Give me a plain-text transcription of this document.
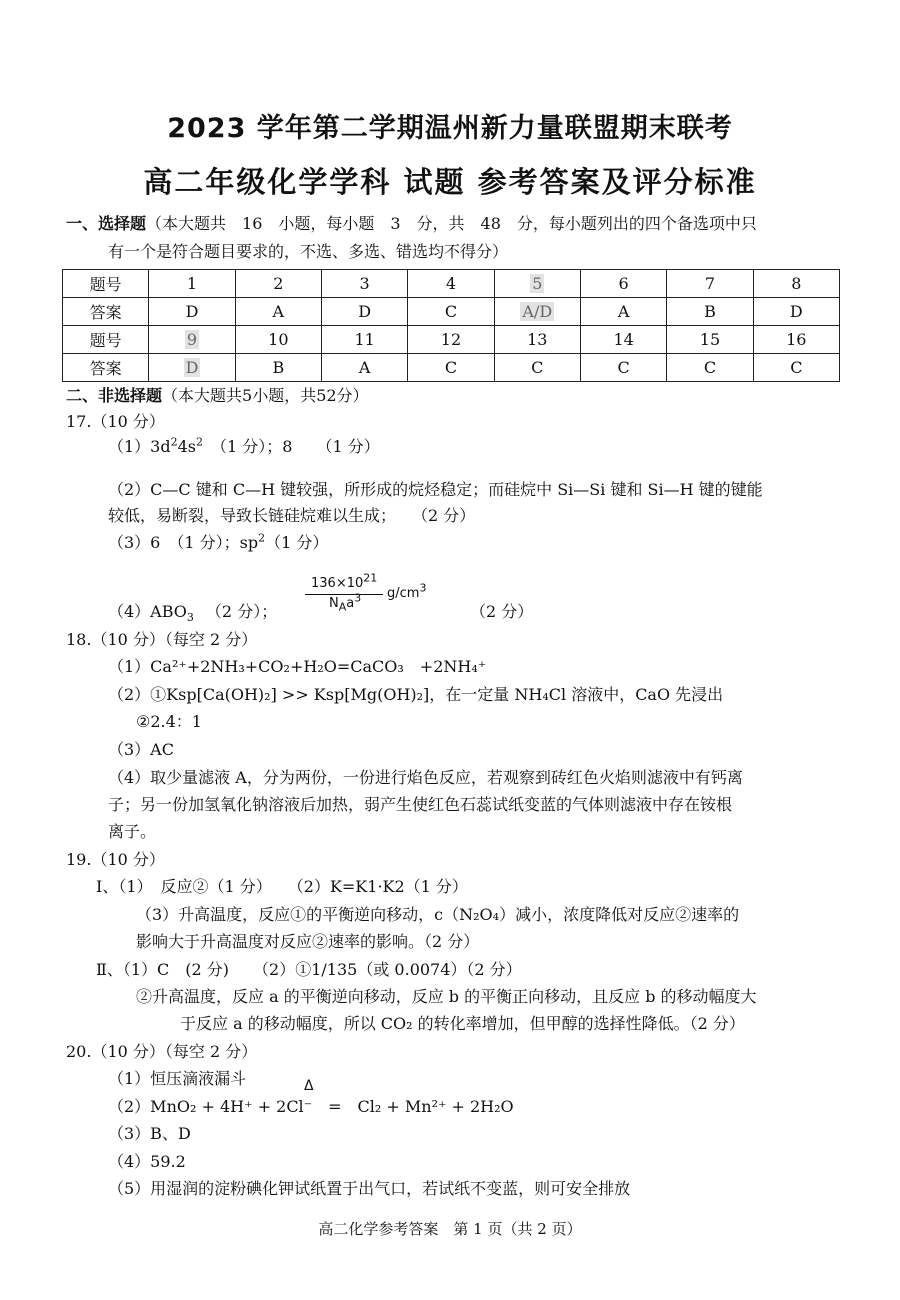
2023 学年第二学期温州新力量联盟期末联考
高二年级化学学科 试题 参考答案及评分标准
一、选择题（本大题共　16　小题，每小题　3　分，共　48　分，每小题列出的四个备选项中只
有一个是符合题目要求的，不选、多选、错选均不得分）
题号	1	2	3	4	5	6	7	8
答案	D	A	D	C	A/D	A	B	D
题号	9	10	11	12	13	14	15	16
答案	D	B	A	C	C	C	C	C
二、非选择题（本大题共5小题，共52分）
17.（10 分）
$(1)3d^24s^2$　（1 分）；8　　（1 分）
（2）C—C 键和 C—H 键较强，所形成的烷烃稳定；而硅烷中 Si—Si 键和 Si—H 键的键能
较低，易断裂，导致长链硅烷难以生成；　　（2 分）
（3）6　（1 分）；$sp^2(1$ 分）
$(4)ABO_3$ （2 分）；
$136\times 10^{21}$
$N_Aa^3$ $g/cm^3$
（2 分）
18.（10 分）（每空 2 分）
（1）Ca²⁺+2NH₃+CO₂+H₂O=CaCO₃　+2NH₄⁺
（2）①Ksp[Ca(OH)₂] >> Ksp[Mg(OH)₂]，在一定量 NH₄Cl 溶液中，CaO 先浸出
②2.4：1
（3）AC
（4）取少量滤液 A，分为两份，一份进行焰色反应，若观察到砖红色火焰则滤液中有钙离
子；另一份加氢氧化钠溶液后加热，弱产生使红色石蕊试纸变蓝的气体则滤液中存在铵根
离子。
19.（10 分）
Ⅰ、（1）　反应②（1 分）　　（2）K=K1·K2（1 分）
（3）升高温度，反应①的平衡逆向移动，c（N₂O₄）减小，浓度降低对反应②速率的
影响大于升高温度对反应②速率的影响。（2 分）
Ⅱ、（1）C　(2 分)　　（2）①1/135（或 0.0074）（2 分）
②升高温度，反应 a 的平衡逆向移动，反应 b 的平衡正向移动，且反应 b 的移动幅度大
于反应 a 的移动幅度，所以 CO₂ 的转化率增加，但甲醇的选择性降低。（2 分）
20.（10 分）（每空 2 分）
（1）恒压滴液漏斗	Δ
（2）MnO₂ + 4H⁺ + 2Cl⁻　=　Cl₂ + Mn²⁺ + 2H₂O
（3）B、D
（4）59.2
（5）用湿润的淀粉碘化钾试纸置于出气口，若试纸不变蓝，则可安全排放
高二化学参考答案　第 1 页（共 2 页）
